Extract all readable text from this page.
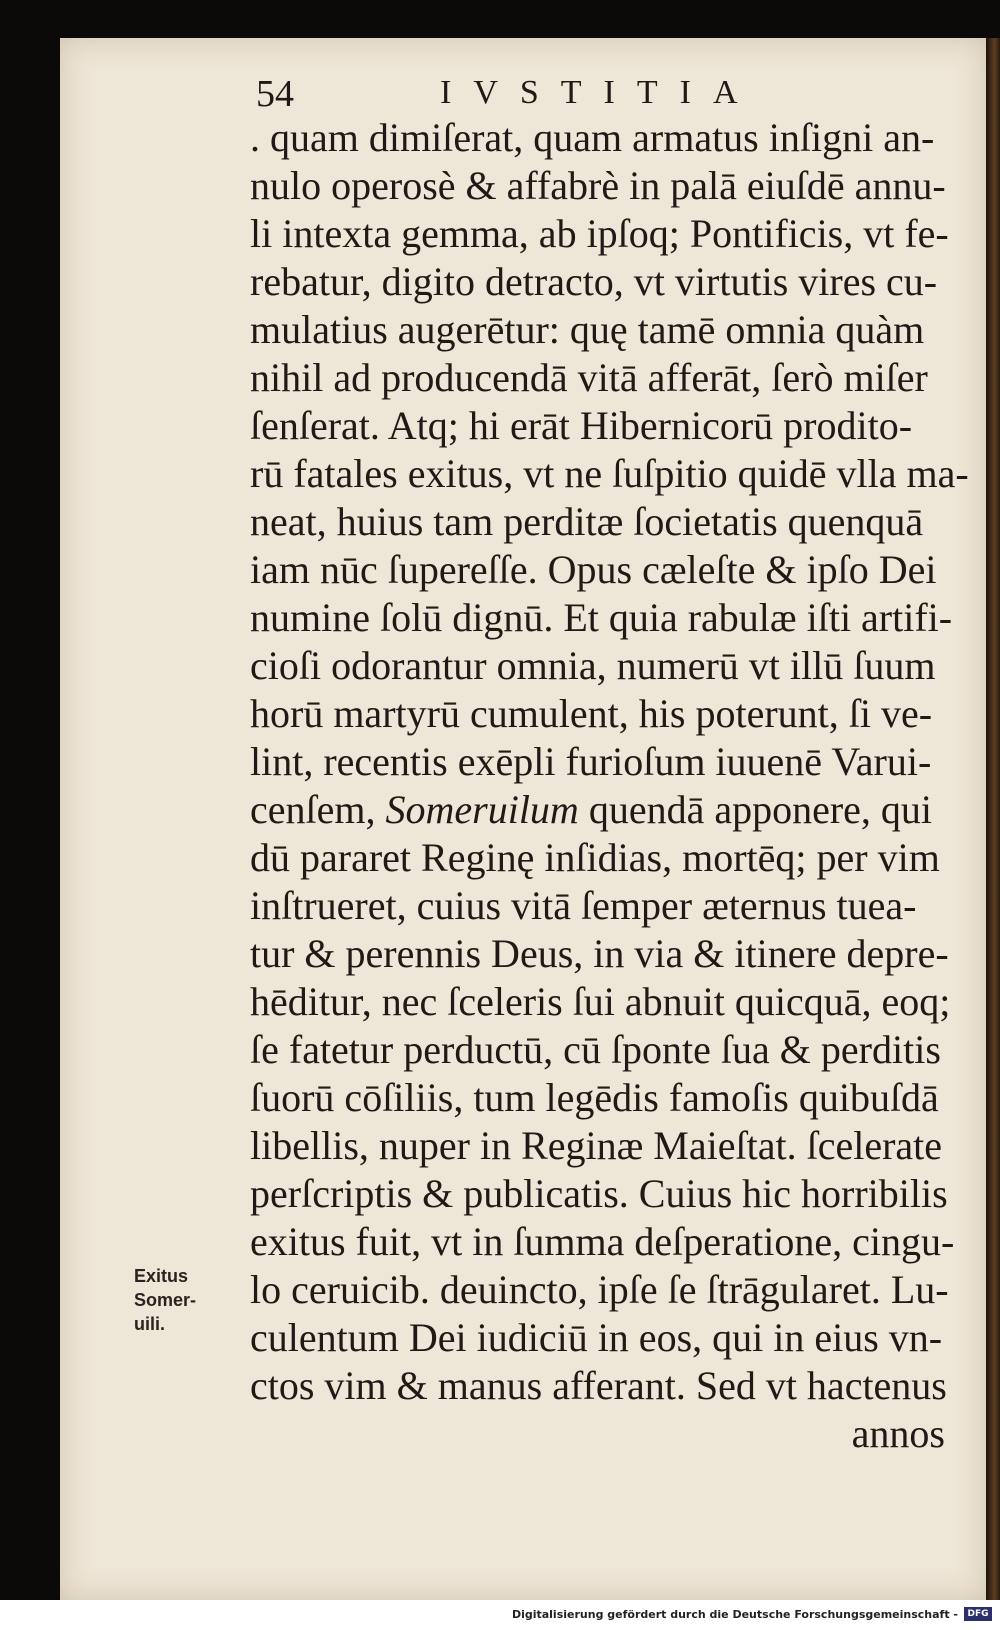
54	IVSTITIA
. quam dimiſerat, quam armatus inſigni an-
nulo operosè & affabrè in palā eiuſdē annu-
li intexta gemma, ab ipſoq; Pontificis, vt fe-
rebatur, digito detracto, vt virtutis vires cu-
mulatius augerētur: quę tamē omnia quàm
nihil ad producendā vitā afferāt, ſerò miſer
ſenſerat. Atq; hi erāt Hibernicorū prodito-
rū fatales exitus, vt ne ſuſpitio quidē vlla ma-
neat, huius tam perditæ ſocietatis quenquā
iam nūc ſupereſſe. Opus cæleſte & ipſo Dei
numine ſolū dignū. Et quia rabulæ iſti artifi-
cioſi odorantur omnia, numerū vt illū ſuum
horū martyrū cumulent, his poterunt, ſi ve-
lint, recentis exēpli furioſum iuuenē Varui-
cenſem, Someruilum quendā apponere, qui
dū pararet Reginę inſidias, mortēq; per vim
inſtrueret, cuius vitā ſemper æternus tuea-
tur & perennis Deus, in via & itinere depre-
hēditur, nec ſceleris ſui abnuit quicquā, eoq;
ſe fatetur perductū, cū ſponte ſua & perditis
ſuorū cōſiliis, tum legēdis famoſis quibuſdā
libellis, nuper in Reginæ Maieſtat. ſcelerate
perſcriptis & publicatis. Cuius hic horribilis
exitus fuit, vt in ſumma deſperatione, cingu-
lo ceruicib. deuincto, ipſe ſe ſtrāgularet. Lu-
culentum Dei iudiciū in eos, qui in eius vn-
ctos vim & manus afferant. Sed vt hactenus
annos
Exitus
Somer-
uili.
Digitalisierung gefördert durch die Deutsche Forschungsgemeinschaft -	DFG
